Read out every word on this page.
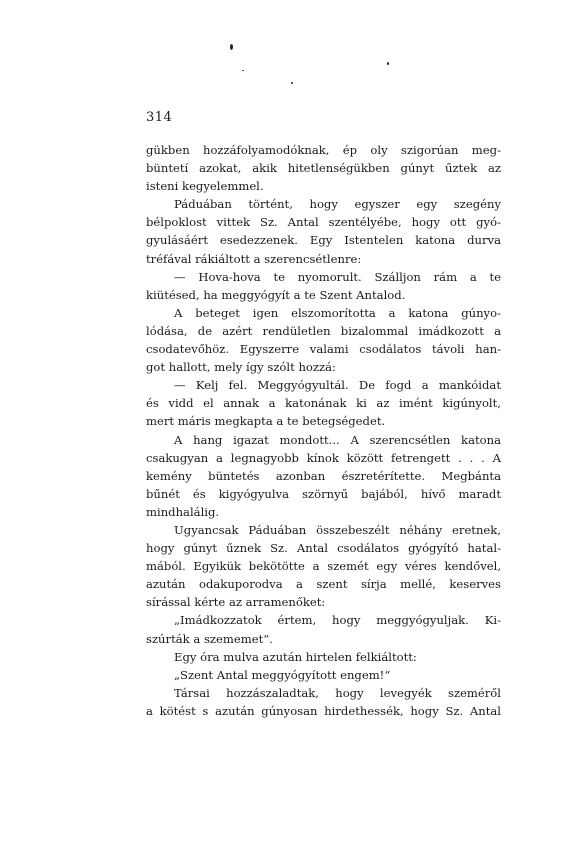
314
gükben hozzáfolyamodóknak, ép oly szigorúan meg-
büntetí azokat, akik hitetlenségükben gúnyt űztek az
isteni kegyelemmel.
Páduában történt, hogy egyszer egy szegény
bélpoklost vittek Sz. Antal szentélyébe, hogy ott gyó-
gyulásáért esedezzenek. Egy Istentelen katona durva
tréfával rákiáltott a szerencsétlenre:
— Hova-hova te nyomorult. Szálljon rám a te
kiütésed, ha meggyógyít a te Szent Antalod.
A beteget igen elszomorította a katona gúnyo-
lódása, de azért rendületlen bizalommal imádkozott a
csodatevőhöz. Egyszerre valami csodálatos távoli han-
got hallott, mely így szólt hozzá:
— Kelj fel. Meggyógyultál. De fogd a mankóidat
és vidd el annak a katonának ki az imént kigúnyolt,
mert máris megkapta a te betegségedet.
A hang igazat mondott... A szerencsétlen katona
csakugyan a legnagyobb kínok között fetrengett . . . A
kemény büntetés azonban észretérítette. Megbánta
bűnét és kigyógyulva szörnyű bajából, hívő maradt
mindhalálig.
Ugyancsak Páduában összebeszélt néhány eretnek,
hogy gúnyt űznek Sz. Antal csodálatos gyógyító hatal-
mából. Egyikük bekötötte a szemét egy véres kendővel,
azután odakuporodva a szent sírja mellé, keserves
sírással kérte az arramenőket:
„Imádkozzatok értem, hogy meggyógyuljak. Ki-
szúrták a szememet“.
Egy óra mulva azután hirtelen felkiáltott:
„Szent Antal meggyógyított engem!“
Társai hozzászaladtak, hogy levegyék szeméről
a kötést s azután gúnyosan hirdethessék, hogy Sz. Antal
